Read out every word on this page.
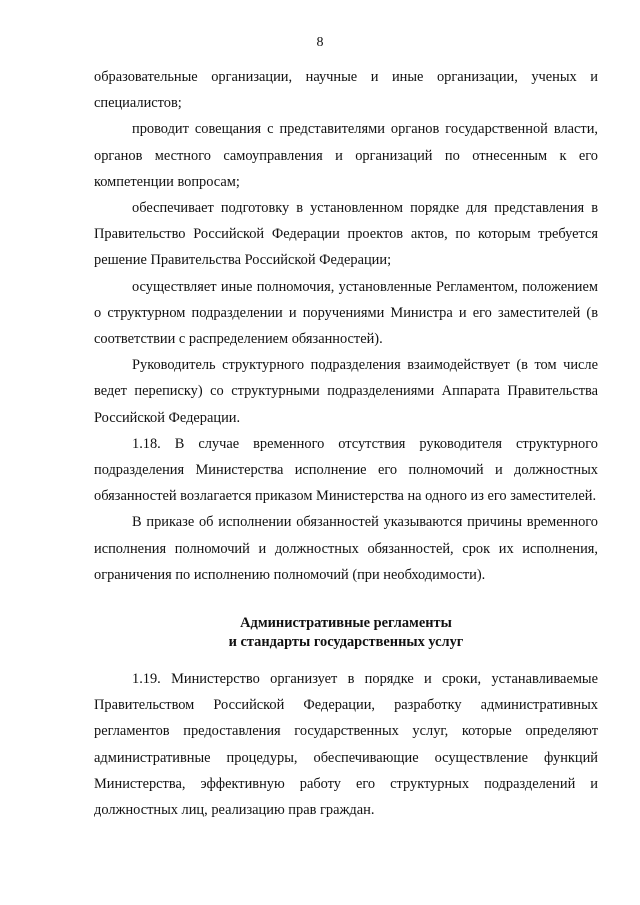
8

образовательные организации, научные и иные организации, ученых и специалистов;

проводит совещания с представителями органов государственной власти, органов местного самоуправления и организаций по отнесенным к его компетенции вопросам;

обеспечивает подготовку в установленном порядке для представления в Правительство Российской Федерации проектов актов, по которым требуется решение Правительства Российской Федерации;

осуществляет иные полномочия, установленные Регламентом, положением о структурном подразделении и поручениями Министра и его заместителей (в соответствии с распределением обязанностей).

Руководитель структурного подразделения взаимодействует (в том числе ведет переписку) со структурными подразделениями Аппарата Правительства Российской Федерации.

1.18. В случае временного отсутствия руководителя структурного подразделения Министерства исполнение его полномочий и должностных обязанностей возлагается приказом Министерства на одного из его заместителей.

В приказе об исполнении обязанностей указываются причины временного исполнения полномочий и должностных обязанностей, срок их исполнения, ограничения по исполнению полномочий (при необходимости).

Административные регламенты
и стандарты государственных услуг

1.19. Министерство организует в порядке и сроки, устанавливаемые Правительством Российской Федерации, разработку административных регламентов предоставления государственных услуг, которые определяют административные процедуры, обеспечивающие осуществление функций Министерства, эффективную работу его структурных подразделений и должностных лиц, реализацию прав граждан.
